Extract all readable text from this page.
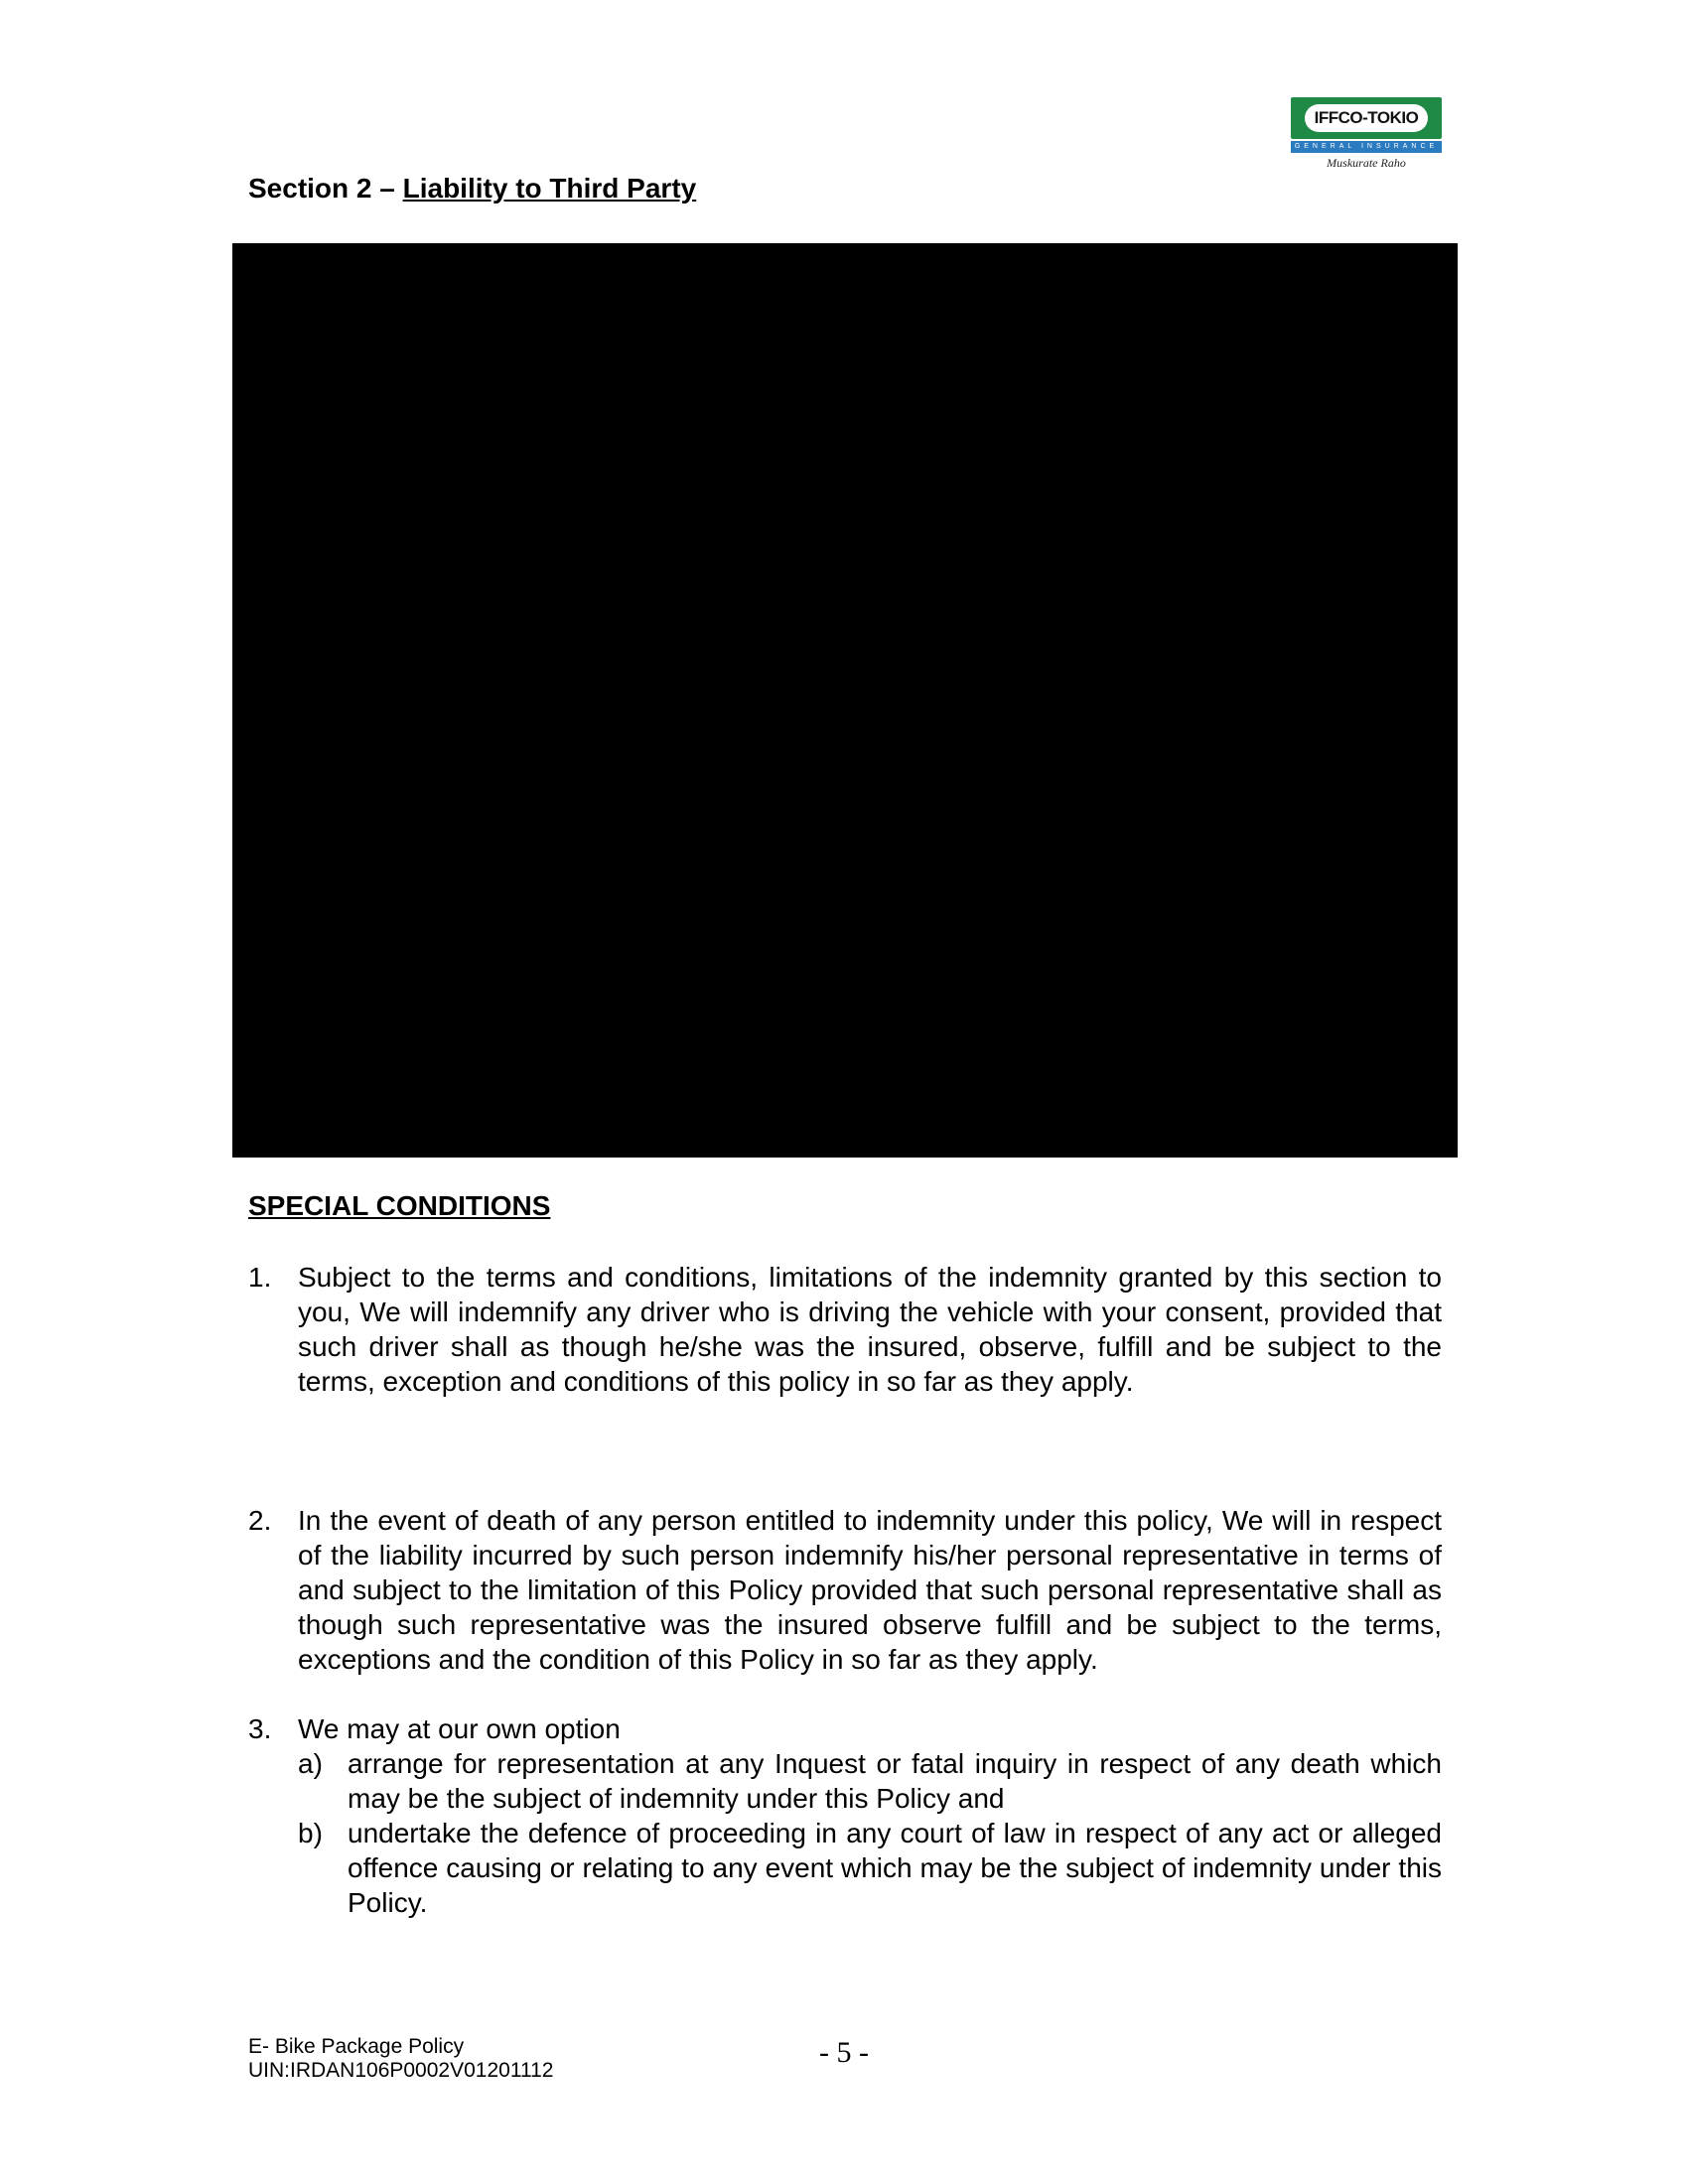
IFFCO-TOKIO
GENERAL INSURANCE
Muskurate Raho
Section 2 – Liability to Third Party
SPECIAL CONDITIONS
1. Subject to the terms and conditions, limitations of the indemnity granted by this section to you, We will indemnify any driver who is driving the vehicle with your consent, provided that such driver shall as though he/she was the insured, observe, fulfill and be subject to the terms, exception and conditions of this policy in so far as they apply.
2. In the event of death of any person entitled to indemnity under this policy, We will in respect of the liability incurred by such person indemnify his/her personal representative in terms of and subject to the limitation of this Policy provided that such personal representative shall as though such representative was the insured observe fulfill and be subject to the terms, exceptions and the condition of this Policy in so far as they apply.
3. We may at our own option
a) arrange for representation at any Inquest or fatal inquiry in respect of any death which may be the subject of indemnity under this Policy and
b) undertake the defence of proceeding in any court of law in respect of any act or alleged offence causing or relating to any event which may be the subject of indemnity under this Policy.
E- Bike Package Policy
UIN:IRDAN106P0002V01201112
- 5 -
